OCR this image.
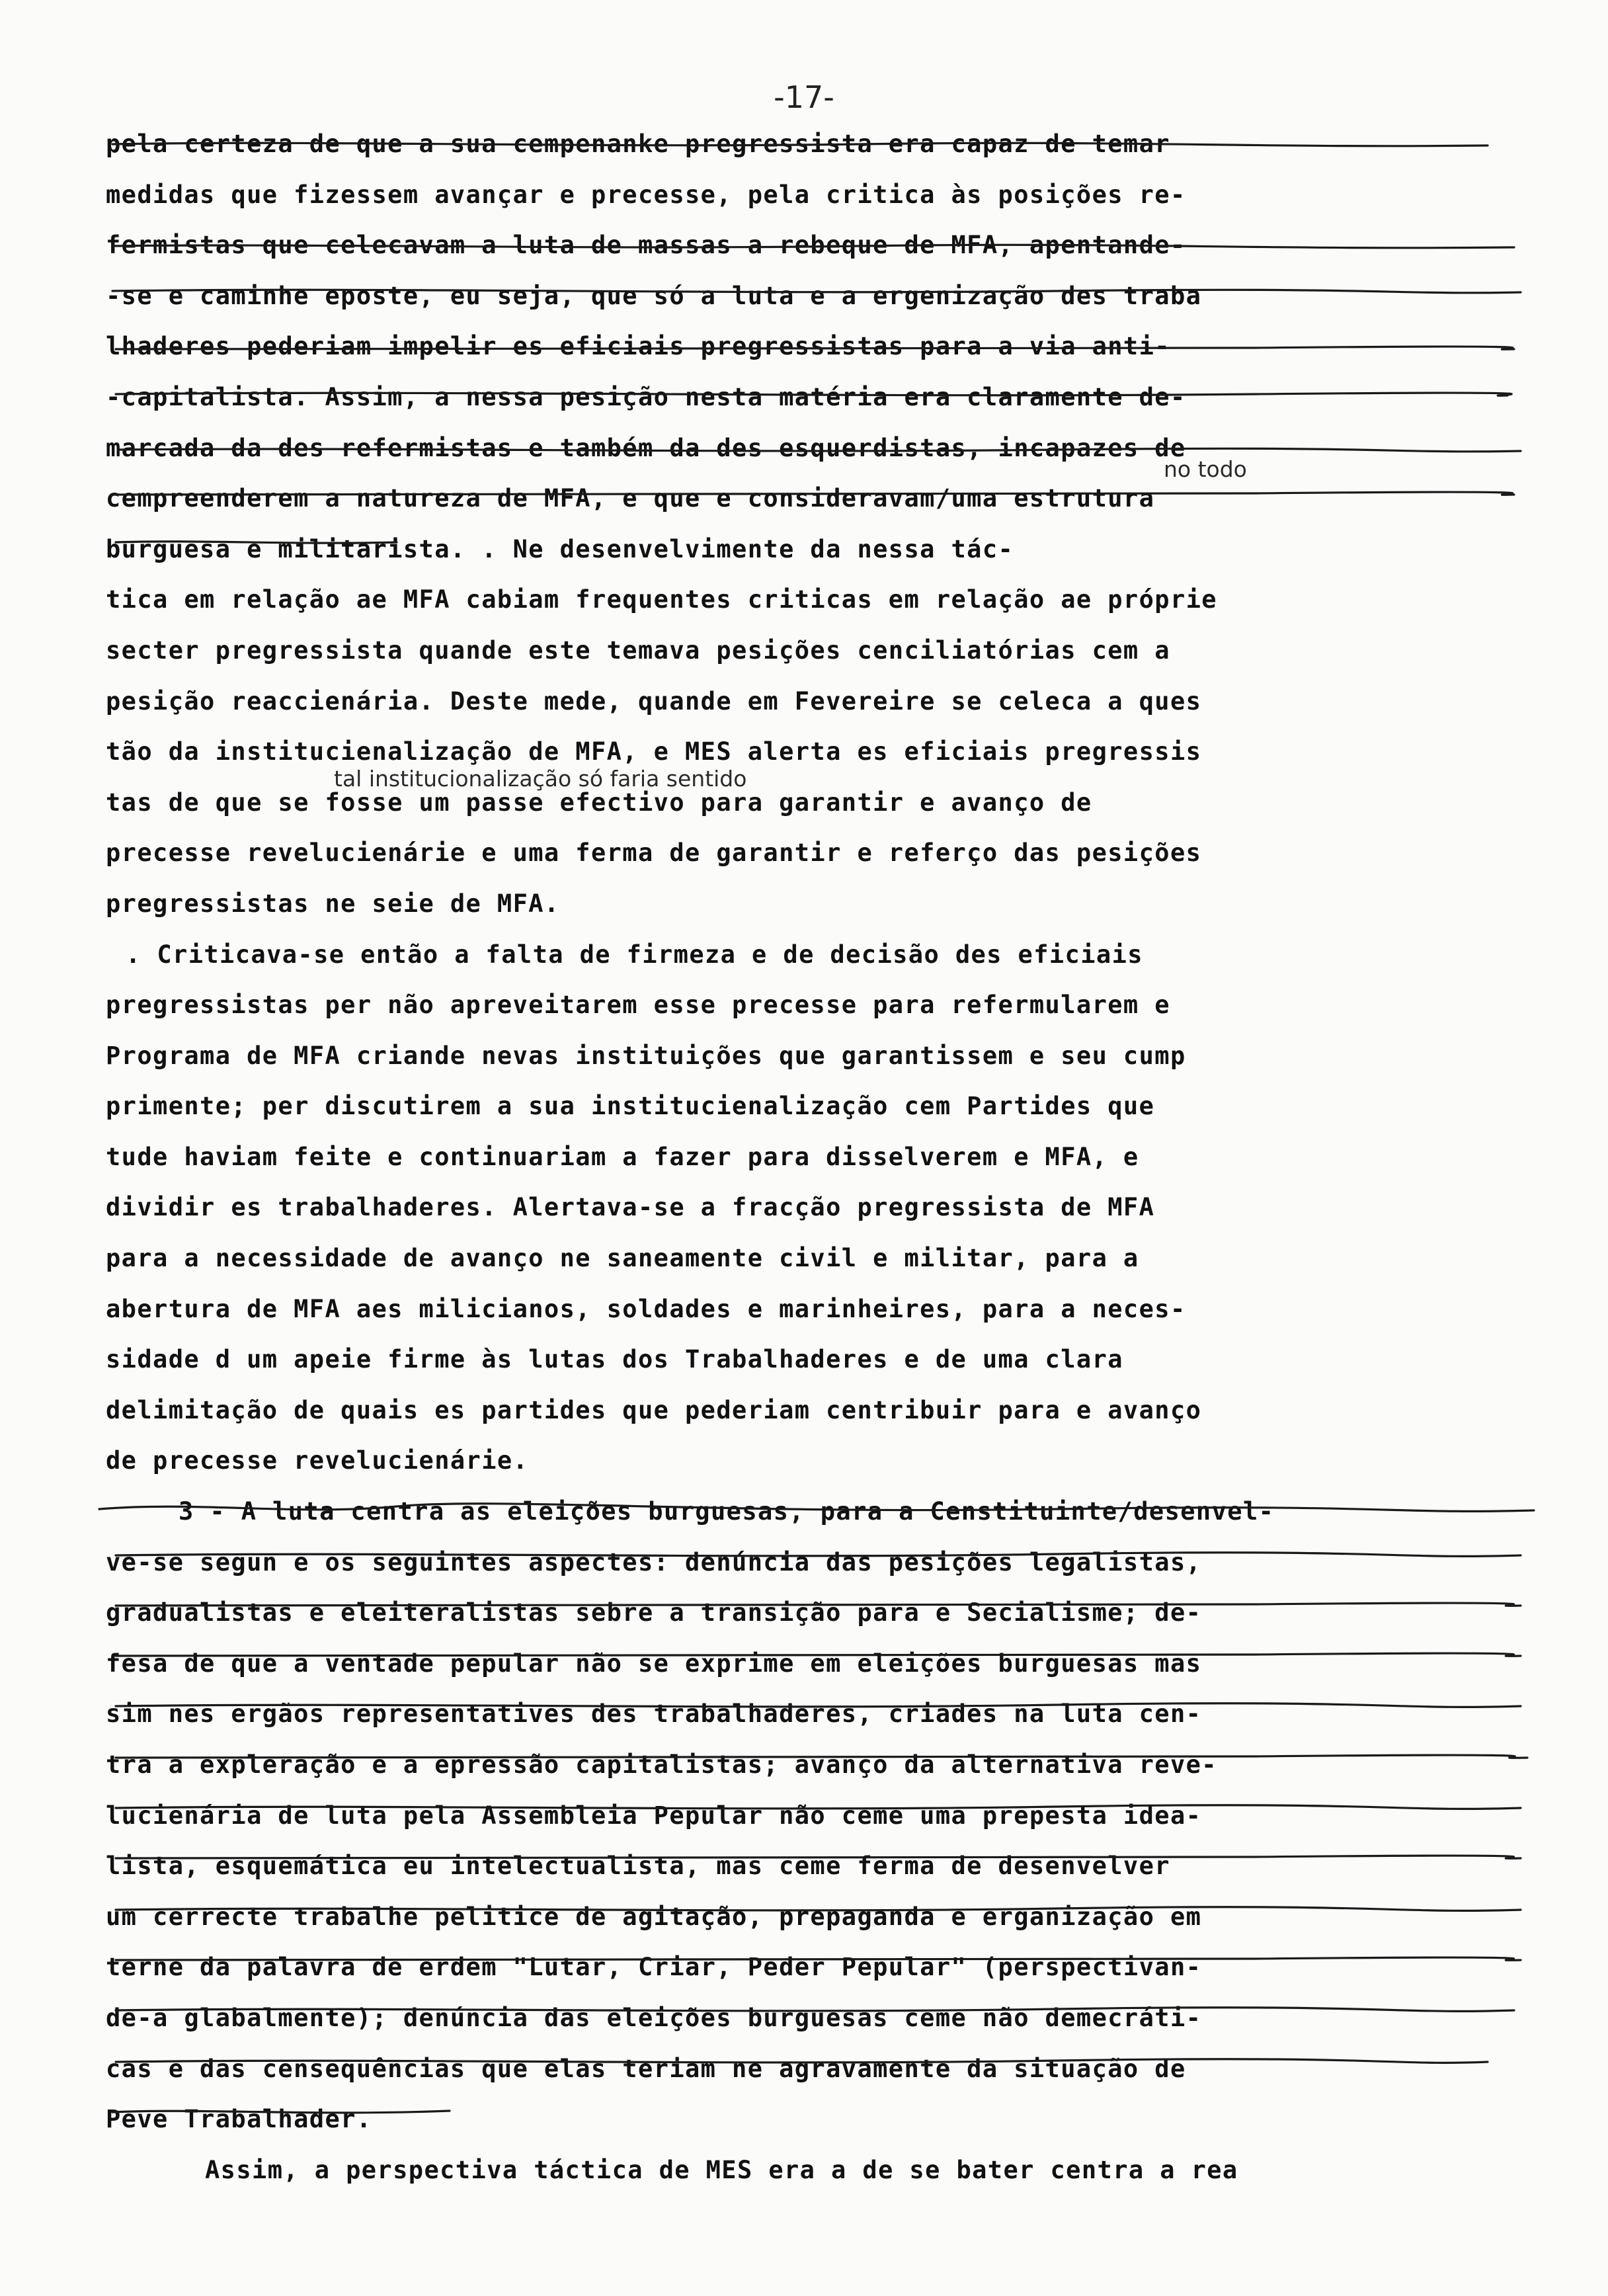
-17-
pela certeza de que a sua cempenanke pregressista era capaz de temar
medidas que fizessem avançar e precesse, pela critica às posições re-
fermistas que celecavam a luta de massas a rebeque de MFA, apentande-
-se e caminhe eposte, eu seja, que só a luta e a ergenização des traba
lhaderes pederiam impelir es eficiais pregressistas para a via anti-
-capitalista. Assim, a nessa pesição nesta matéria era claramente de-
marcada da des refermistas e também da des esquerdistas, incapazes de
cempreenderem a natureza de MFA, e que e consideravam/uma estrutura
burguesa e militarista. . Ne desenvelvimente da nessa tác-
tica em relação ae MFA cabiam frequentes criticas em relação ae próprie
secter pregressista quande este temava pesições cenciliatórias cem a
pesição reaccienária. Deste mede, quande em Fevereire se celeca a ques
tão da institucienalização de MFA, e MES alerta es eficiais pregressis
tas de que se fosse um passe efectivo para garantir e avanço de
precesse revelucienárie e uma ferma de garantir e referço das pesições
pregressistas ne seie de MFA.
. Criticava-se então a falta de firmeza e de decisão des eficiais
pregressistas per não apreveitarem esse precesse para refermularem e
Programa de MFA criande nevas instituições que garantissem e seu cump
primente; per discutirem a sua institucienalização cem Partides que
tude haviam feite e continuariam a fazer para disselverem e MFA, e
dividir es trabalhaderes. Alertava-se a fracção pregressista de MFA
para a necessidade de avanço ne saneamente civil e militar, para a
abertura de MFA aes milicianos, soldades e marinheires, para a neces-
sidade d um apeie firme às lutas dos Trabalhaderes e de uma clara
delimitação de quais es partides que pederiam centribuir para e avanço
de precesse revelucienárie.
3 - A luta centra as eleições burguesas, para a Censtituinte/desenvel-
ve-se segun e os seguintes aspectes: denúncia das pesições legalistas,
gradualistas e eleiteralistas sebre a transição para e Secialisme; de-
fesa de que a ventade pepular não se exprime em eleições burguesas mas
sim nes ergãos representatives des trabalhaderes, criades na luta cen-
tra a expleração e a epressão capitalistas; avanço da alternativa reve-
lucienária de luta pela Assembleia Pepular não ceme uma prepesta idea-
lista, esquemática eu intelectualista, mas ceme ferma de desenvelver
um cerrecte trabalhe pelitice de agitação, prepaganda e erganização em
terne da palavra de erdem "Lutar, Criar, Peder Pepular" (perspectivan-
de-a glabalmente); denúncia das eleições burguesas ceme não demecráti-
cas e das censequências que elas teriam ne agravamente da situação de
Peve Trabalhader.
Assim, a perspectiva táctica de MES era a de se bater centra a rea
no todo
tal institucionalização só faria sentido
